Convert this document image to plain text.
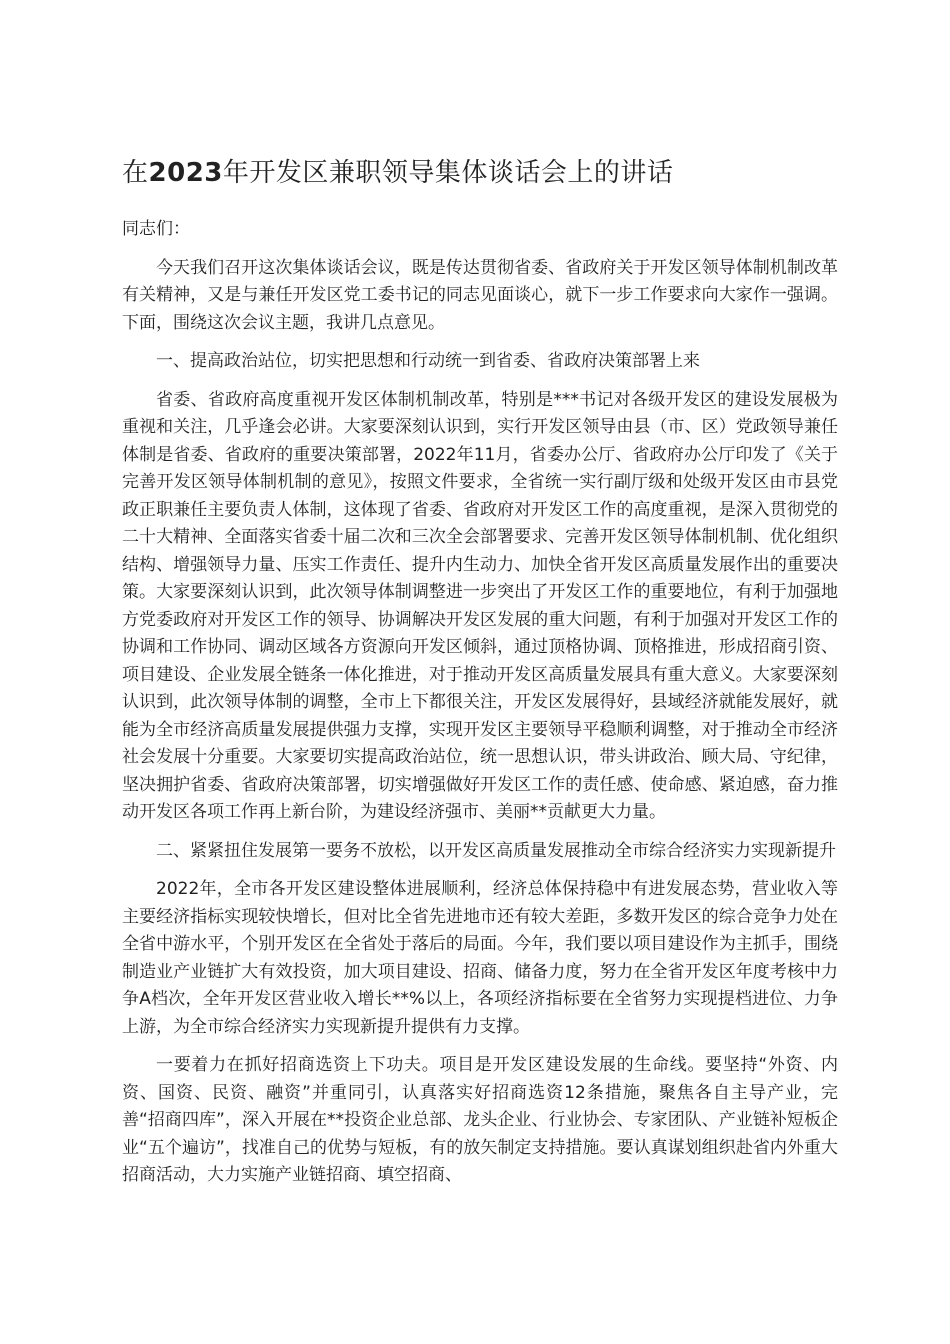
在2023年开发区兼职领导集体谈话会上的讲话
同志们：

今天我们召开这次集体谈话会议，既是传达贯彻省委、省政府关于开发区领导体制机制改革有关精神，又是与兼任开发区党工委书记的同志见面谈心，就下一步工作要求向大家作一强调。下面，围绕这次会议主题，我讲几点意见。

一、提高政治站位，切实把思想和行动统一到省委、省政府决策部署上来

省委、省政府高度重视开发区体制机制改革，特别是***书记对各级开发区的建设发展极为重视和关注，几乎逢会必讲。大家要深刻认识到，实行开发区领导由县（市、区）党政领导兼任体制是省委、省政府的重要决策部署，2022年11月，省委办公厅、省政府办公厅印发了《关于完善开发区领导体制机制的意见》，按照文件要求，全省统一实行副厅级和处级开发区由市县党政正职兼任主要负责人体制，这体现了省委、省政府对开发区工作的高度重视，是深入贯彻党的二十大精神、全面落实省委十届二次和三次全会部署要求、完善开发区领导体制机制、优化组织结构、增强领导力量、压实工作责任、提升内生动力、加快全省开发区高质量发展作出的重要决策。大家要深刻认识到，此次领导体制调整进一步突出了开发区工作的重要地位，有利于加强地方党委政府对开发区工作的领导、协调解决开发区发展的重大问题，有利于加强对开发区工作的协调和工作协同、调动区域各方资源向开发区倾斜，通过顶格协调、顶格推进，形成招商引资、项目建设、企业发展全链条一体化推进，对于推动开发区高质量发展具有重大意义。大家要深刻认识到，此次领导体制的调整，全市上下都很关注，开发区发展得好，县域经济就能发展好，就能为全市经济高质量发展提供强力支撑，实现开发区主要领导平稳顺利调整，对于推动全市经济社会发展十分重要。大家要切实提高政治站位，统一思想认识，带头讲政治、顾大局、守纪律，坚决拥护省委、省政府决策部署，切实增强做好开发区工作的责任感、使命感、紧迫感，奋力推动开发区各项工作再上新台阶，为建设经济强市、美丽**贡献更大力量。

二、紧紧扭住发展第一要务不放松，以开发区高质量发展推动全市综合经济实力实现新提升

2022年，全市各开发区建设整体进展顺利，经济总体保持稳中有进发展态势，营业收入等主要经济指标实现较快增长，但对比全省先进地市还有较大差距，多数开发区的综合竞争力处在全省中游水平，个别开发区在全省处于落后的局面。今年，我们要以项目建设作为主抓手，围绕制造业产业链扩大有效投资，加大项目建设、招商、储备力度，努力在全省开发区年度考核中力争A档次，全年开发区营业收入增长**%以上，各项经济指标要在全省努力实现提档进位、力争上游，为全市综合经济实力实现新提升提供有力支撑。

一要着力在抓好招商选资上下功夫。项目是开发区建设发展的生命线。要坚持“外资、内资、国资、民资、融资”并重同引，认真落实好招商选资12条措施，聚焦各自主导产业，完善“招商四库”，深入开展在**投资企业总部、龙头企业、行业协会、专家团队、产业链补短板企业“五个遍访”，找准自己的优势与短板，有的放矢制定支持措施。要认真谋划组织赴省内外重大招商活动，大力实施产业链招商、填空招商、
